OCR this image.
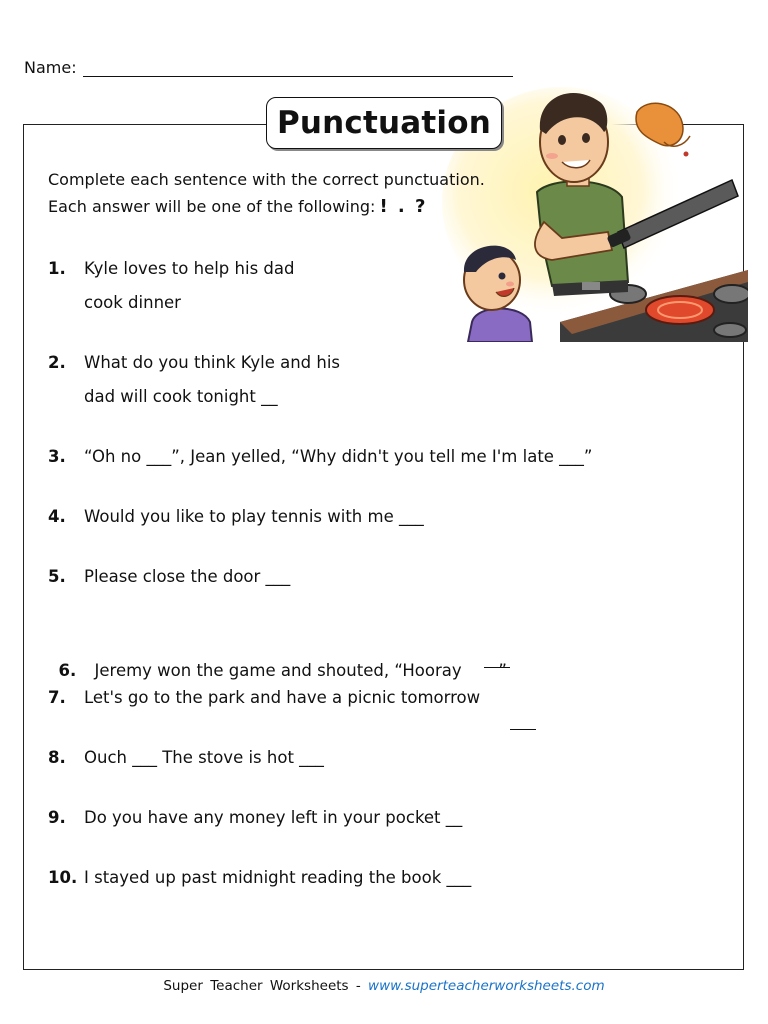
Name:
Punctuation
Complete each sentence with the correct punctuation.
Each answer will be one of the following: ! . ?
1. Kyle loves to help his dad
cook dinner
2. What do you think Kyle and his
dad will cook tonight __
3. “Oh no ___”, Jean yelled, “Why didn't you tell me I'm late ___”
4. Would you like to play tennis with me ___
5. Please close the door ___

6. Jeremy won the game and shouted, “Hooray       ”

7. Let's go to the park and have a picnic tomorrow
8. Ouch ___ The stove is hot ___
9. Do you have any money left in your pocket __
10. I stayed up past midnight reading the book ___
Super Teacher Worksheets - www.superteacherworksheets.com
